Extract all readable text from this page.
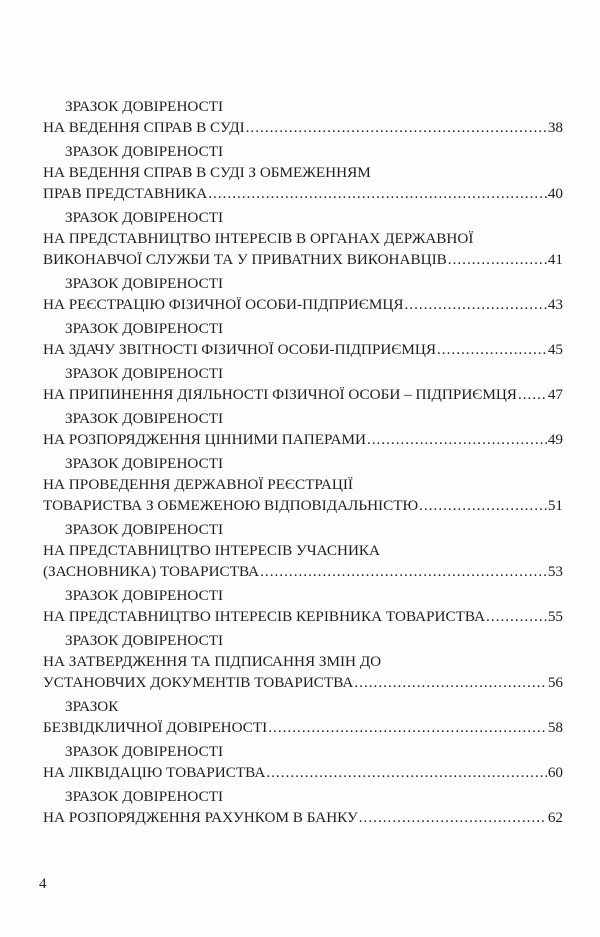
ЗРАЗОК ДОВІРЕНОСТІ
НА ВЕДЕННЯ СПРАВ В СУДІ .....	38
ЗРАЗОК ДОВІРЕНОСТІ
НА ВЕДЕННЯ СПРАВ В СУДІ З ОБМЕЖЕННЯМ
ПРАВ ПРЕДСТАВНИКА .....	40
ЗРАЗОК ДОВІРЕНОСТІ
НА ПРЕДСТАВНИЦТВО ІНТЕРЕСІВ В ОРГАНАХ ДЕРЖАВНОЇ
ВИКОНАВЧОЇ СЛУЖБИ ТА У ПРИВАТНИХ ВИКОНАВЦІВ .....	41
ЗРАЗОК ДОВІРЕНОСТІ
НА РЕЄСТРАЦІЮ ФІЗИЧНОЇ ОСОБИ-ПІДПРИЄМЦЯ .....	43
ЗРАЗОК ДОВІРЕНОСТІ
НА ЗДАЧУ ЗВІТНОСТІ ФІЗИЧНОЇ ОСОБИ-ПІДПРИЄМЦЯ .....	45
ЗРАЗОК ДОВІРЕНОСТІ
НА ПРИПИНЕННЯ ДІЯЛЬНОСТІ ФІЗИЧНОЇ ОСОБИ – ПІДПРИЄМЦЯ ..... 47
ЗРАЗОК ДОВІРЕНОСТІ
НА РОЗПОРЯДЖЕННЯ ЦІННИМИ ПАПЕРАМИ .....	49
ЗРАЗОК ДОВІРЕНОСТІ
НА ПРОВЕДЕННЯ ДЕРЖАВНОЇ РЕЄСТРАЦІЇ
ТОВАРИСТВА З ОБМЕЖЕНОЮ ВІДПОВІДАЛЬНІСТЮ .....	51
ЗРАЗОК ДОВІРЕНОСТІ
НА ПРЕДСТАВНИЦТВО ІНТЕРЕСІВ УЧАСНИКА
(ЗАСНОВНИКА) ТОВАРИСТВА .....	53
ЗРАЗОК ДОВІРЕНОСТІ
НА ПРЕДСТАВНИЦТВО ІНТЕРЕСІВ КЕРІВНИКА ТОВАРИСТВА .....	55
ЗРАЗОК ДОВІРЕНОСТІ
НА ЗАТВЕРДЖЕННЯ ТА ПІДПИСАННЯ ЗМІН ДО
УСТАНОВЧИХ ДОКУМЕНТІВ ТОВАРИСТВА .....	56
ЗРАЗОК
БЕЗВІДКЛИЧНОЇ ДОВІРЕНОСТІ .....	58
ЗРАЗОК ДОВІРЕНОСТІ
НА ЛІКВІДАЦІЮ ТОВАРИСТВА .....	60
ЗРАЗОК ДОВІРЕНОСТІ
НА РОЗПОРЯДЖЕННЯ РАХУНКОМ В БАНКУ .....	62
4
